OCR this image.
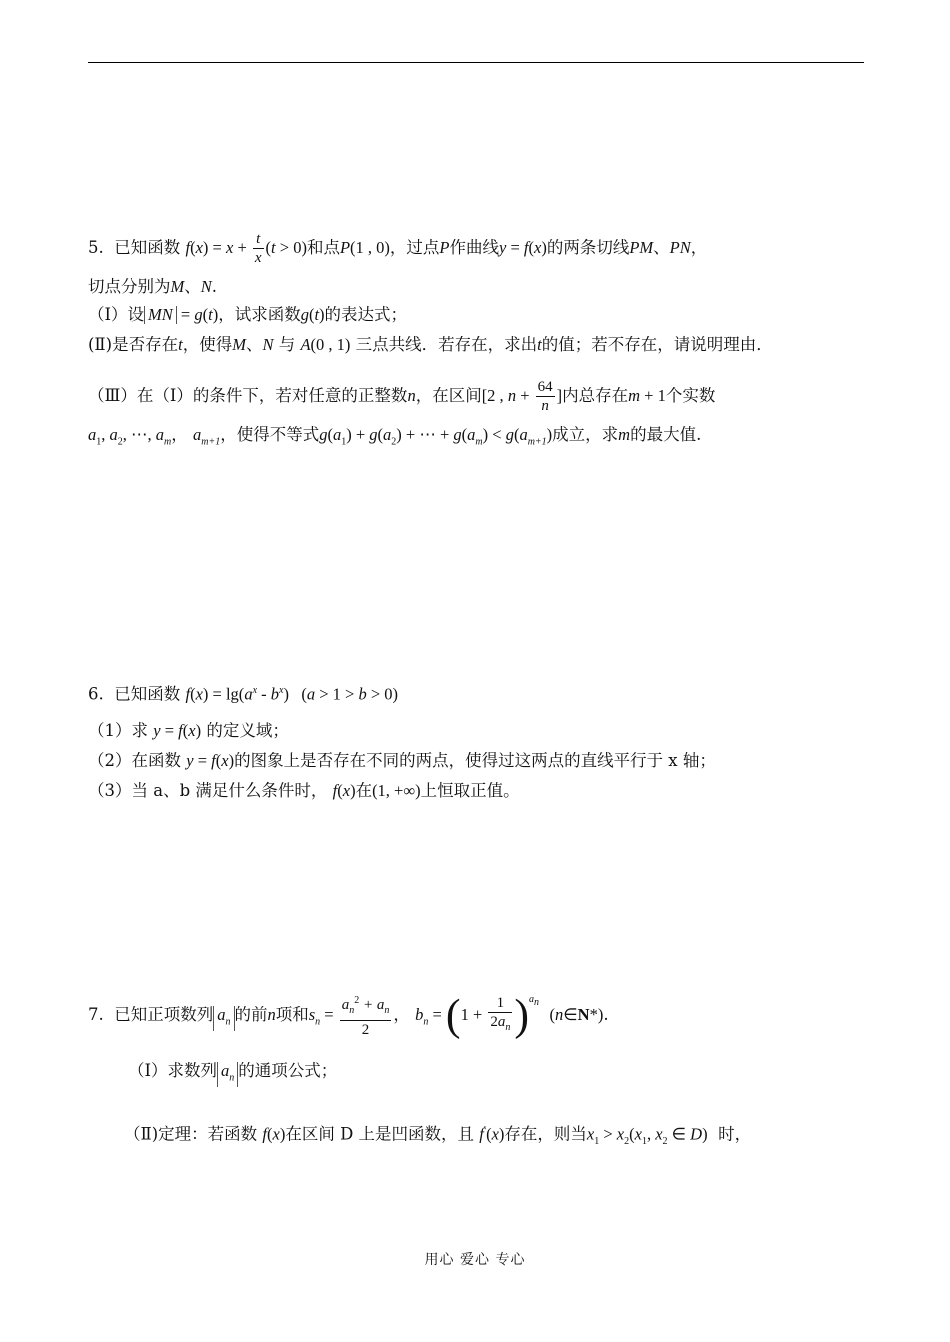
5. 已知函数 $f(x) = x + \frac{t}{x} (t > 0)$和点P(1 , 0)，过点P作曲线y = f(x)的两条切线PM、PN，
切点分别为M、N.
（Ⅰ）设 MN = g(t)，试求函数g(t)的表达式；
(Ⅱ)是否存在t，使得M、N 与 A(0 , 1) 三点共线．若存在，求出t的值；若不存在，请说明理由．
（Ⅲ）在（Ⅰ）的条件下，若对任意的正整数n，在区间[2 , $n + \frac{64}{n}$ ]内总存在m + 1个实数
$a_1$, $a_2$, ⋯, $a_m$， $a_{m+1}$，使得不等式$g(a_1) + g(a_2)$ + ⋯ + $g(a_m) < g(a_{m+1})$成立，求m的最大值.
6. 已知函数 $f(x) = \lg(a^x - b^x) (a > 1 > b > 0)$
（1）求 y = f(x) 的定义域；
（2）在函数 y = f(x)的图象上是否存在不同的两点，使得过这两点的直线平行于 x 轴；
（3）当 a、b 满足什么条件时， f(x)在(1, +∞)上恒取正值。
7. 已知正项数列 $a_n$ 的前n项和$s_n = \frac{a_n^2 + a_n}{2}$ ， $b_n = (1 + \frac{1}{2a_n} )^{a_n}$  (n∈N*).
（Ⅰ）求数列 $a_n$ 的通项公式；
（Ⅱ)定理：若函数 f(x)在区间 D 上是凹函数，且 f′(x)存在，则当$x_1 > x_2(x_1$, $x_2$ ∈ D) 时，
用心 爱心 专心
